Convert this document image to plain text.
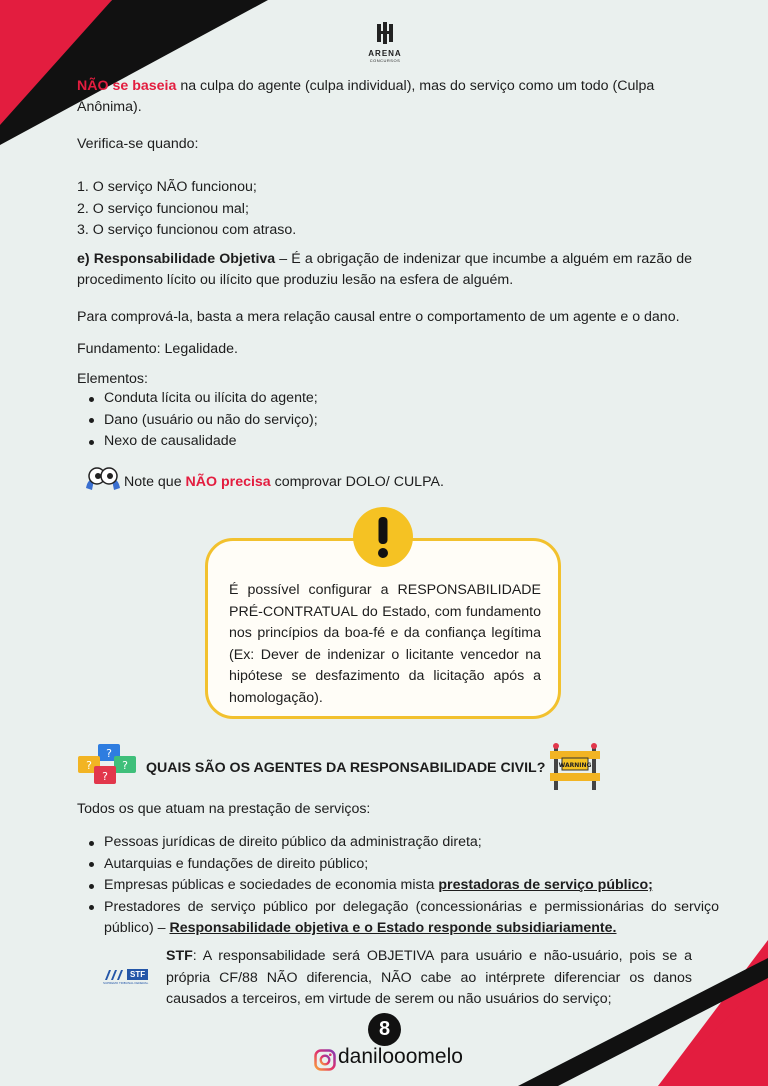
ARENA
CONCURSOS
NÃO se baseia na culpa do agente (culpa individual), mas do serviço como um todo (Culpa Anônima).
Verifica-se quando:
1. O serviço NÃO funcionou;
2. O serviço funcionou mal;
3. O serviço funcionou com atraso.
e) Responsabilidade Objetiva – É a obrigação de indenizar que incumbe a alguém em razão de procedimento lícito ou ilícito que produziu lesão na esfera de alguém.
Para comprová-la, basta a mera relação causal entre o comportamento de um agente e o dano.
Fundamento: Legalidade.
Elementos:
Conduta lícita ou ilícita do agente;
Dano (usuário ou não do serviço);
Nexo de causalidade
Note que NÃO precisa comprovar DOLO/ CULPA.
É possível configurar a RESPONSABILIDADE PRÉ-CONTRATUAL do Estado, com fundamento nos princípios da boa-fé e da confiança legítima (Ex: Dever de indenizar o licitante vencedor na hipótese se desfazimento da licitação após a homologação).
?
?	?
?
QUAIS SÃO OS AGENTES DA RESPONSABILIDADE CIVIL? WARNING
Todos os que atuam na prestação de serviços:
Pessoas jurídicas de direito público da administração direta;
Autarquias e fundações de direito público;
Empresas públicas e sociedades de economia mista prestadoras de serviço público;
Prestadores de serviço público por delegação (concessionárias e permissionárias do serviço público) – Responsabilidade objetiva e o Estado responde subsidiariamente.
STF
SUPREMO TRIBUNAL FEDERAL
STF: A responsabilidade será OBJETIVA para usuário e não-usuário, pois se a própria CF/88 NÃO diferencia, NÃO cabe ao intérprete diferenciar os danos causados a terceiros, em virtude de serem ou não usuários do serviço;
8
danilooomelo
